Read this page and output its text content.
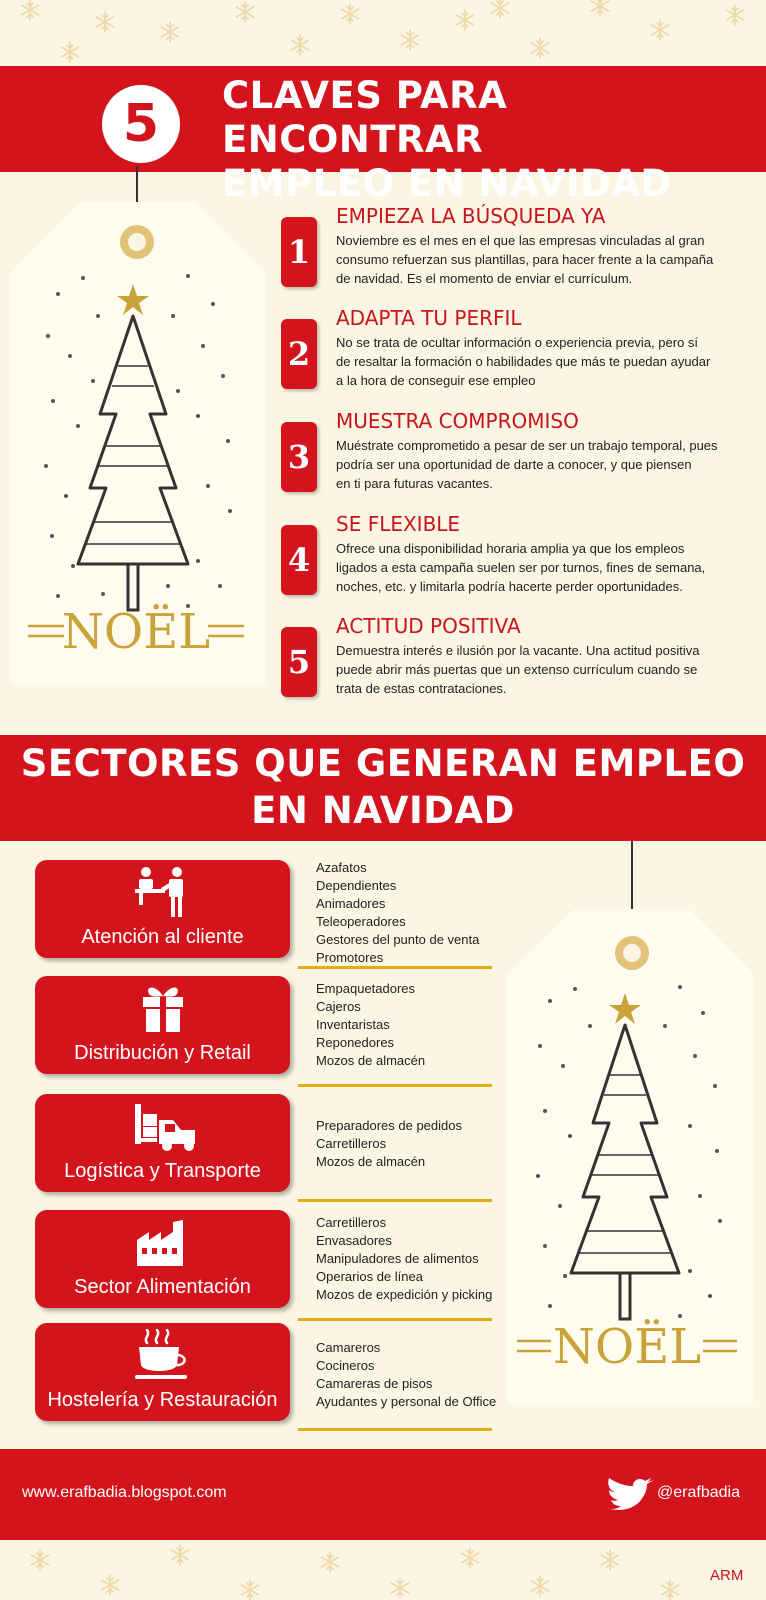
5	CLAVES PARA ENCONTRAR
EMPLEO EN NAVIDAD
NOËL
1
EMPIEZA LA BÚSQUEDA YA

Noviembre es el mes en el que las empresas vinculadas al gran
consumo refuerzan sus plantillas, para hacer frente a la campaña
de navidad. Es el momento de enviar el currículum.

2
ADAPTA TU PERFIL

No se trata de ocultar información o experiencia previa, pero sí
de resaltar la formación o habilidades que más te puedan ayudar
a la hora de conseguir ese empleo

3
MUESTRA COMPROMISO

Muéstrate comprometido a pesar de ser un trabajo temporal, pues
podría ser una oportunidad de darte a conocer, y que piensen
en ti para futuras vacantes.

4
SE FLEXIBLE

Ofrece una disponibilidad horaria amplia ya que los empleos
ligados a esta campaña suelen ser por turnos, fines de semana,
noches, etc. y limitarla podría hacerte perder oportunidades.

5
ACTITUD POSITIVA

Demuestra interés e ilusión por la vacante. Una actitud positiva
puede abrir más puertas que un extenso currículum cuando se
trata de estas contrataciones.

SECTORES QUE GENERAN EMPLEO
EN NAVIDAD
NOËL
Atención al cliente
Azafatos
Dependientes
Animadores
Teleoperadores
Gestores del punto de venta
Promotores
Distribución y Retail
Empaquetadores
Cajeros
Inventaristas
Reponedores
Mozos de almacén
Logística y Transporte
Preparadores de pedidos
Carretilleros
Mozos de almacén
Sector Alimentación
Carretilleros
Envasadores
Manipuladores de alimentos
Operarios de línea
Mozos de expedición y picking
Hostelería y Restauración
Camareros
Cocineros
Camareras de pisos
Ayudantes y personal de Office
www.erafbadia.blogspot.com	@erafbadia
ARM
